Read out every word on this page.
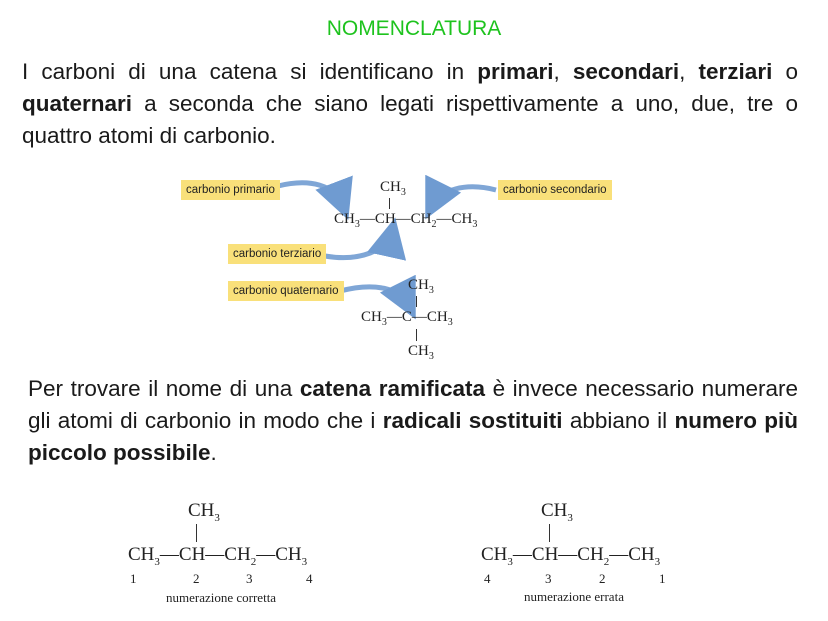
NOMENCLATURA
I carboni di una catena si identificano in primari, secondari, terziari o quaternari a seconda che siano legati rispettivamente a uno, due, tre o quattro atomi di carbonio.
carbonio primario	carbonio secondario
carbonio terziario
carbonio quaternario
$CH_3$
$CH_3—CH—CH_2—CH_3$
$CH_3$
$CH_3—C—CH_3$
$CH_3$
Per trovare il nome di una catena ramificata è invece necessario numerare gli atomi di carbonio in modo che i radicali sostituiti abbiano il numero più piccolo possibile.
$CH_3$
$CH_3—CH—CH_2—CH_3$
1	2	3	4
numerazione corretta
$CH_3$
$CH_3—CH—CH_2—CH_3$
4	3	2	1
numerazione errata
